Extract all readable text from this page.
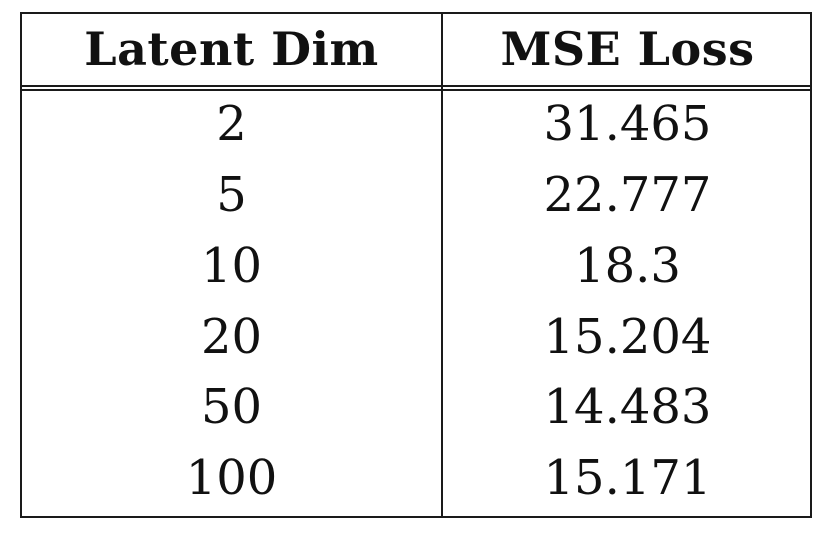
Latent Dim	MSE Loss
2	31.465
5	22.777
10	18.3
20	15.204
50	14.483
100	15.171
